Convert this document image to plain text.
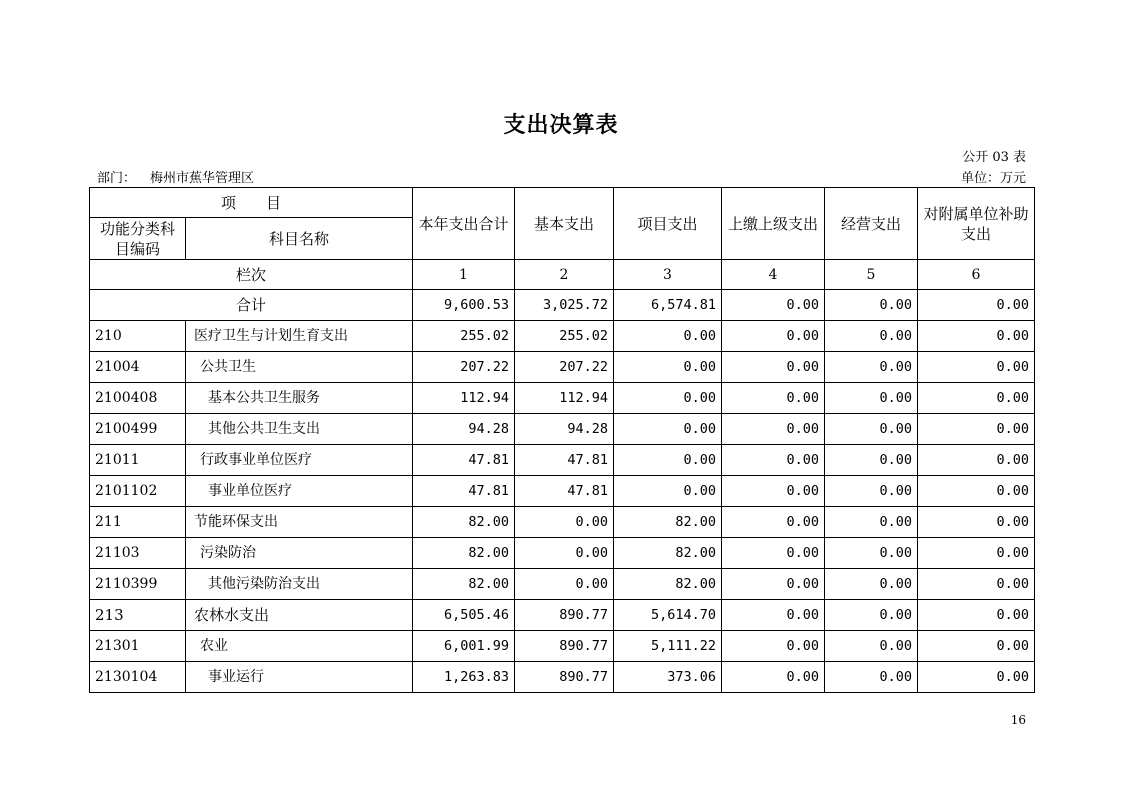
支出决算表
公开 03 表
部门： 梅州市蕉华管理区	单位：万元
项　　目		本年支出合计	基本支出	项目支出	上缴上级支出	经营支出	对附属单位补助支出
功能分类科目编码	科目名称						
栏次		1	2	3	4	5	6
合计		9,600.53	3,025.72	6,574.81	0.00	0.00	0.00
210	医疗卫生与计划生育支出	255.02	255.02	0.00	0.00	0.00	0.00
21004	公共卫生	207.22	207.22	0.00	0.00	0.00	0.00
2100408	基本公共卫生服务	112.94	112.94	0.00	0.00	0.00	0.00
2100499	其他公共卫生支出	94.28	94.28	0.00	0.00	0.00	0.00
21011	行政事业单位医疗	47.81	47.81	0.00	0.00	0.00	0.00
2101102	事业单位医疗	47.81	47.81	0.00	0.00	0.00	0.00
211	节能环保支出	82.00	0.00	82.00	0.00	0.00	0.00
21103	污染防治	82.00	0.00	82.00	0.00	0.00	0.00
2110399	其他污染防治支出	82.00	0.00	82.00	0.00	0.00	0.00
213	农林水支出	6,505.46	890.77	5,614.70	0.00	0.00	0.00
21301	农业	6,001.99	890.77	5,111.22	0.00	0.00	0.00
2130104	事业运行	1,263.83	890.77	373.06	0.00	0.00	0.00
16
